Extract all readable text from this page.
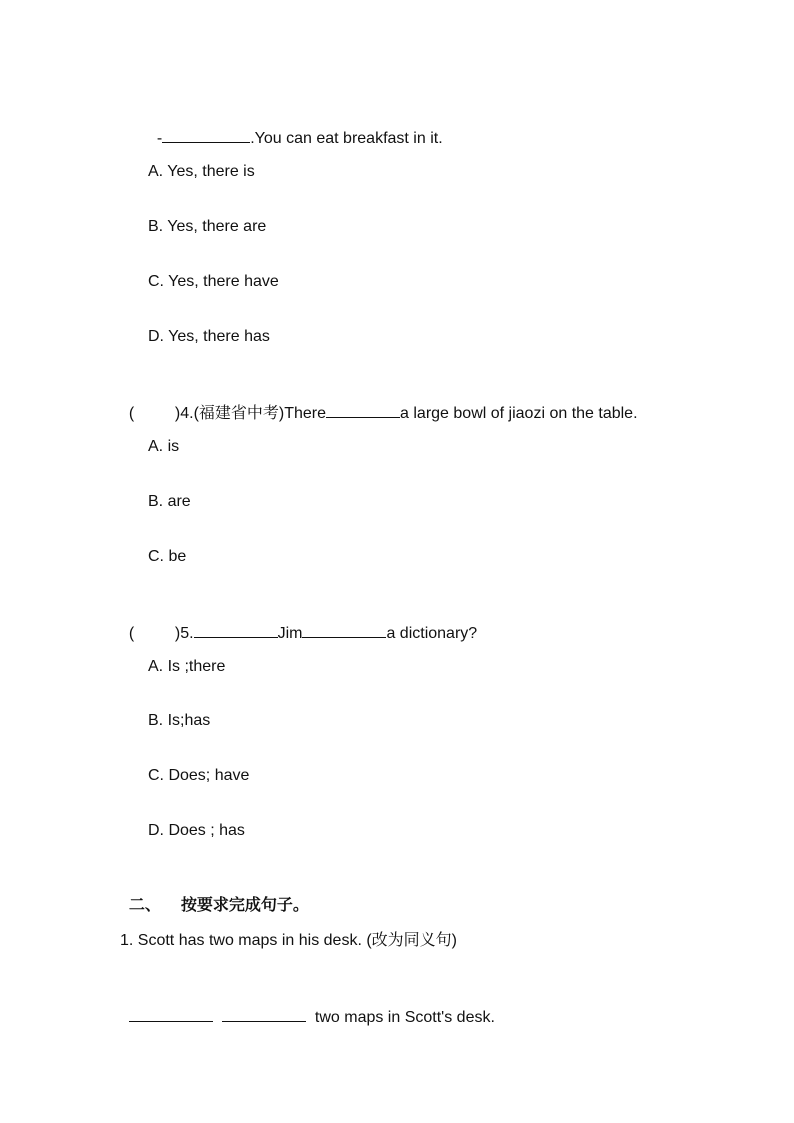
-	.You can eat breakfast in it.

A. Yes, there is
B. Yes, there are
C. Yes, there have
D. Yes, there has

(	)4.(福建省中考)There	a large bowl of jiaozi on the table.

A. is
B. are
C. be

(	)5.	Jim	a dictionary?

A. Is ;there
B. Is;has
C. Does; have
D. Does ; has

二、 按要求完成句子。

1. Scott has two maps in his desk. (改为同义句)

two maps in Scott's desk.
